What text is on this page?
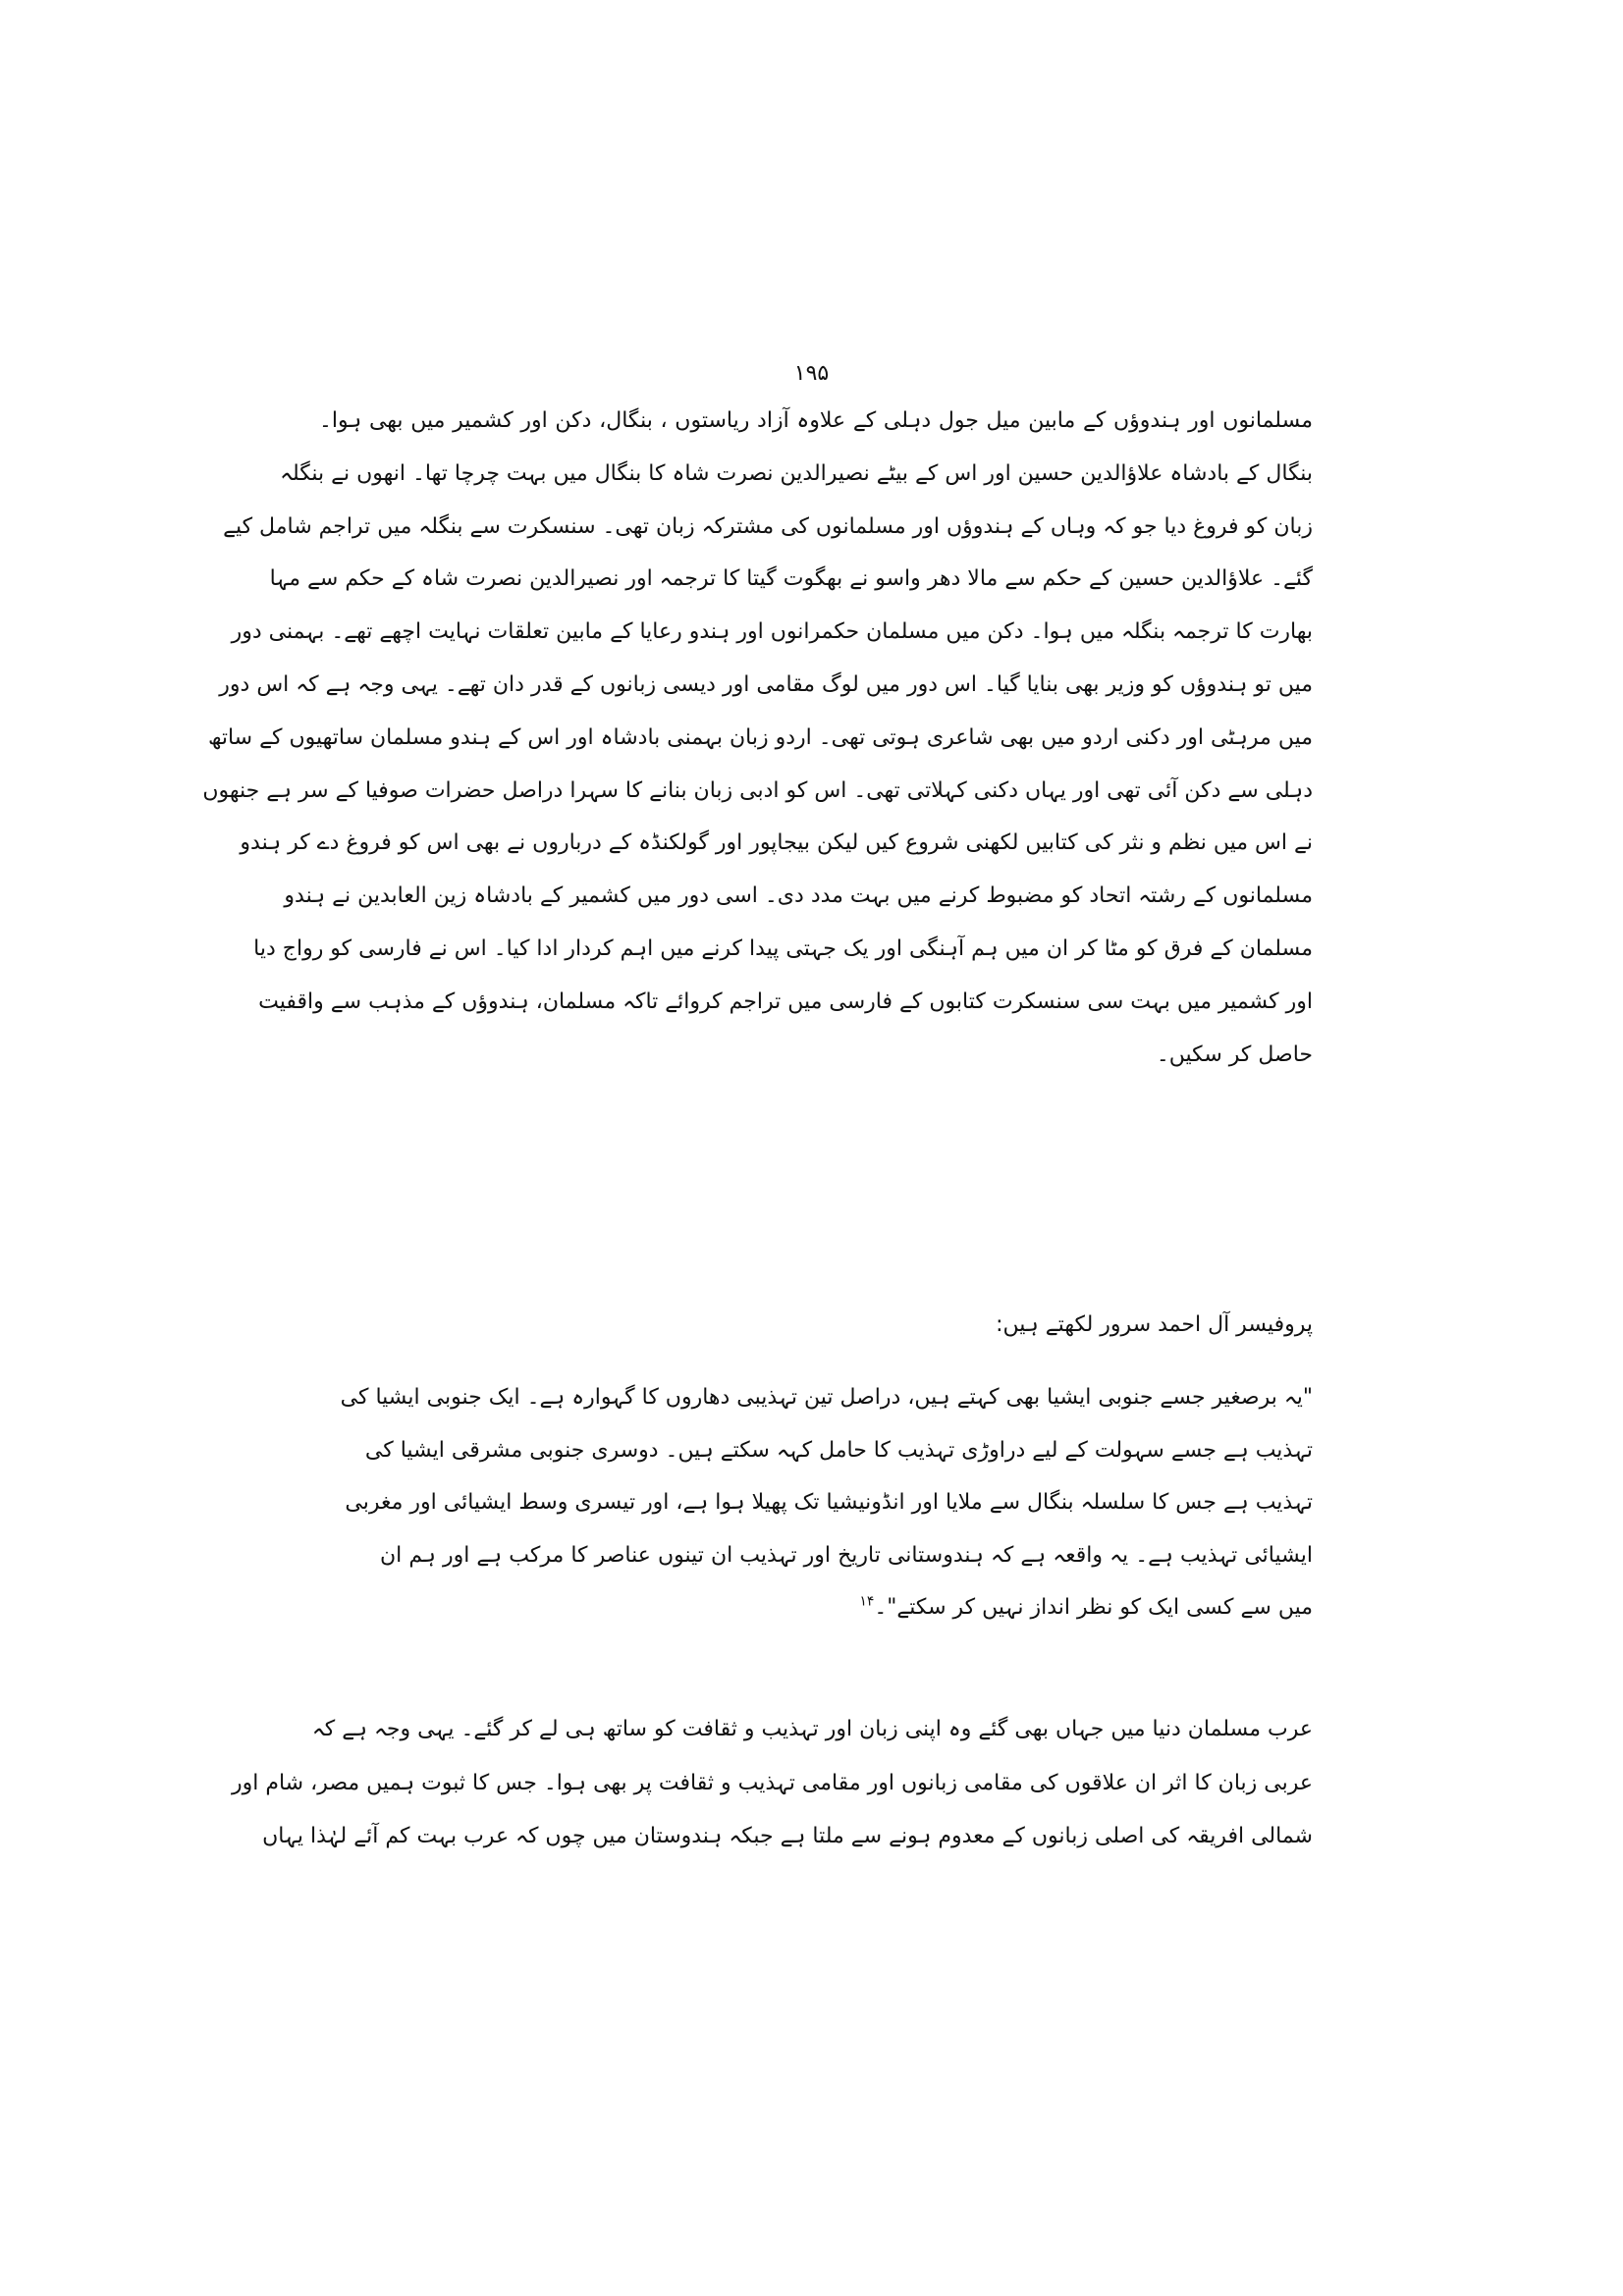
۱۹۵
مسلمانوں اور ہندوؤں کے مابین میل جول دہلی کے علاوہ آزاد ریاستوں ، بنگال، دکن اور کشمیر میں بھی ہوا۔
بنگال کے بادشاہ علاؤالدین حسین اور اس کے بیٹے نصیرالدین نصرت شاہ کا بنگال میں بہت چرچا تھا۔ انھوں نے بنگلہ
زبان کو فروغ دیا جو کہ وہاں کے ہندوؤں اور مسلمانوں کی مشترکہ زبان تھی۔ سنسکرت سے بنگلہ میں تراجم شامل کیے
گئے۔ علاؤالدین حسین کے حکم سے مالا دھر واسو نے بھگوت گیتا کا ترجمہ اور نصیرالدین نصرت شاہ کے حکم سے مہا
بھارت کا ترجمہ بنگلہ میں ہوا۔ دکن میں مسلمان حکمرانوں اور ہندو رعایا کے مابین تعلقات نہایت اچھے تھے۔ بہمنی دور
میں تو ہندوؤں کو وزیر بھی بنایا گیا۔ اس دور میں لوگ مقامی اور دیسی زبانوں کے قدر دان تھے۔ یہی وجہ ہے کہ اس دور
میں مرہٹی اور دکنی اردو میں بھی شاعری ہوتی تھی۔ اردو زبان بہمنی بادشاہ اور اس کے ہندو مسلمان ساتھیوں کے ساتھ
دہلی سے دکن آئی تھی اور یہاں دکنی کہلاتی تھی۔ اس کو ادبی زبان بنانے کا سہرا دراصل حضرات صوفیا کے سر ہے جنھوں
نے اس میں نظم و نثر کی کتابیں لکھنی شروع کیں لیکن بیجاپور اور گولکنڈہ کے درباروں نے بھی اس کو فروغ دے کر ہندو
مسلمانوں کے رشتہ اتحاد کو مضبوط کرنے میں بہت مدد دی۔ اسی دور میں کشمیر کے بادشاہ زین العابدین نے ہندو
مسلمان کے فرق کو مٹا کر ان میں ہم آہنگی اور یک جہتی پیدا کرنے میں اہم کردار ادا کیا۔ اس نے فارسی کو رواج دیا
اور کشمیر میں بہت سی سنسکرت کتابوں کے فارسی میں تراجم کروائے تاکہ مسلمان، ہندوؤں کے مذہب سے واقفیت
حاصل کر سکیں۔
پروفیسر آل احمد سرور لکھتے ہیں:
"یہ برصغیر جسے جنوبی ایشیا بھی کہتے ہیں، دراصل تین تہذیبی دھاروں کا گہوارہ ہے۔ ایک جنوبی ایشیا کی
تہذیب ہے جسے سہولت کے لیے دراوڑی تہذیب کا حامل کہہ سکتے ہیں۔ دوسری جنوبی مشرقی ایشیا کی
تہذیب ہے جس کا سلسلہ بنگال سے ملایا اور انڈونیشیا تک پھیلا ہوا ہے، اور تیسری وسط ایشیائی اور مغربی
ایشیائی تہذیب ہے۔ یہ واقعہ ہے کہ ہندوستانی تاریخ اور تہذیب ان تینوں عناصر کا مرکب ہے اور ہم ان
میں سے کسی ایک کو نظر انداز نہیں کر سکتے"۔$^{۱۴}$
عرب مسلمان دنیا میں جہاں بھی گئے وہ اپنی زبان اور تہذیب و ثقافت کو ساتھ ہی لے کر گئے۔ یہی وجہ ہے کہ
عربی زبان کا اثر ان علاقوں کی مقامی زبانوں اور مقامی تہذیب و ثقافت پر بھی ہوا۔ جس کا ثبوت ہمیں مصر، شام اور
شمالی افریقہ کی اصلی زبانوں کے معدوم ہونے سے ملتا ہے جبکہ ہندوستان میں چوں کہ عرب بہت کم آئے لہٰذا یہاں
